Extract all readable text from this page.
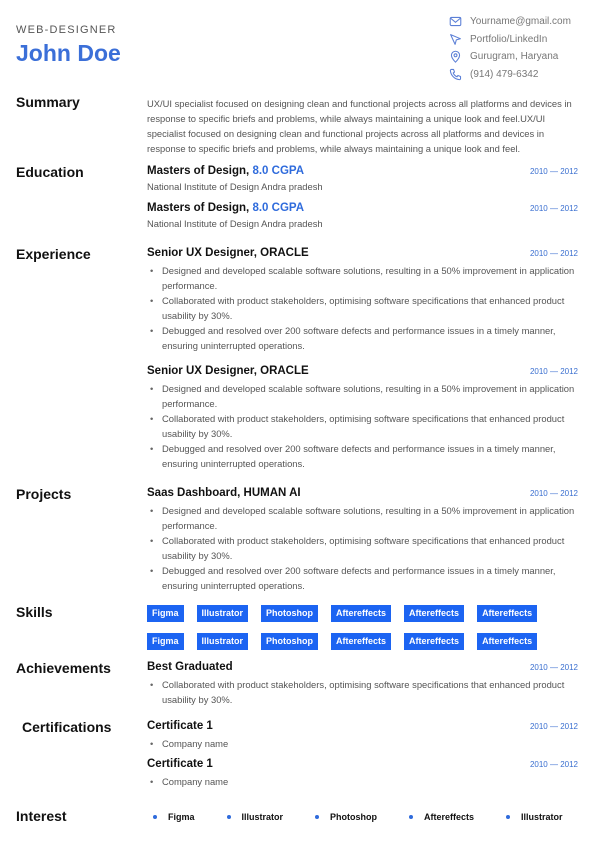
WEB-DESIGNER
John Doe
Yourname@gmail.com
Portfolio/LinkedIn
Gurugram, Haryana
(914) 479-6342
Summary	UX/UI specialist focused on designing clean and functional projects across all platforms and devices in response to specific briefs and problems, while always maintaining a unique look and feel.UX/UI specialist focused on designing clean and functional projects across all platforms and devices in response to specific briefs and problems, while always maintaining a unique look and feel.
Education	Masters of Design, 8.0 CGPA	2010 — 2012
National Institute of Design Andra pradesh
Masters of Design, 8.0 CGPA	2010 — 2012
National Institute of Design Andra pradesh
Experience	Senior UX Designer, ORACLE	2010 — 2012
• Designed and developed scalable software solutions, resulting in a 50% improvement in application performance.
• Collaborated with product stakeholders, optimising software specifications that enhanced product usability by 30%.
• Debugged and resolved over 200 software defects and performance issues in a timely manner, ensuring uninterrupted operations.
Senior UX Designer, ORACLE	2010 — 2012
• Designed and developed scalable software solutions, resulting in a 50% improvement in application performance.
• Collaborated with product stakeholders, optimising software specifications that enhanced product usability by 30%.
• Debugged and resolved over 200 software defects and performance issues in a timely manner, ensuring uninterrupted operations.
Projects	Saas Dashboard, HUMAN AI	2010 — 2012
• Designed and developed scalable software solutions, resulting in a 50% improvement in application performance.
• Collaborated with product stakeholders, optimising software specifications that enhanced product usability by 30%.
• Debugged and resolved over 200 software defects and performance issues in a timely manner, ensuring uninterrupted operations.
Skills	Figma	Illustrator	Photoshop	Aftereffects	Aftereffects	Aftereffects
Figma	Illustrator	Photoshop	Aftereffects	Aftereffects	Aftereffects
Achievements	Best Graduated	2010 — 2012
• Collaborated with product stakeholders, optimising software specifications that enhanced product usability by 30%.
Certifications	Certificate 1	2010 — 2012
• Company name
Certificate 1	2010 — 2012
• Company name
Interest	Figma	Illustrator	Photoshop	Aftereffects	Illustrator
